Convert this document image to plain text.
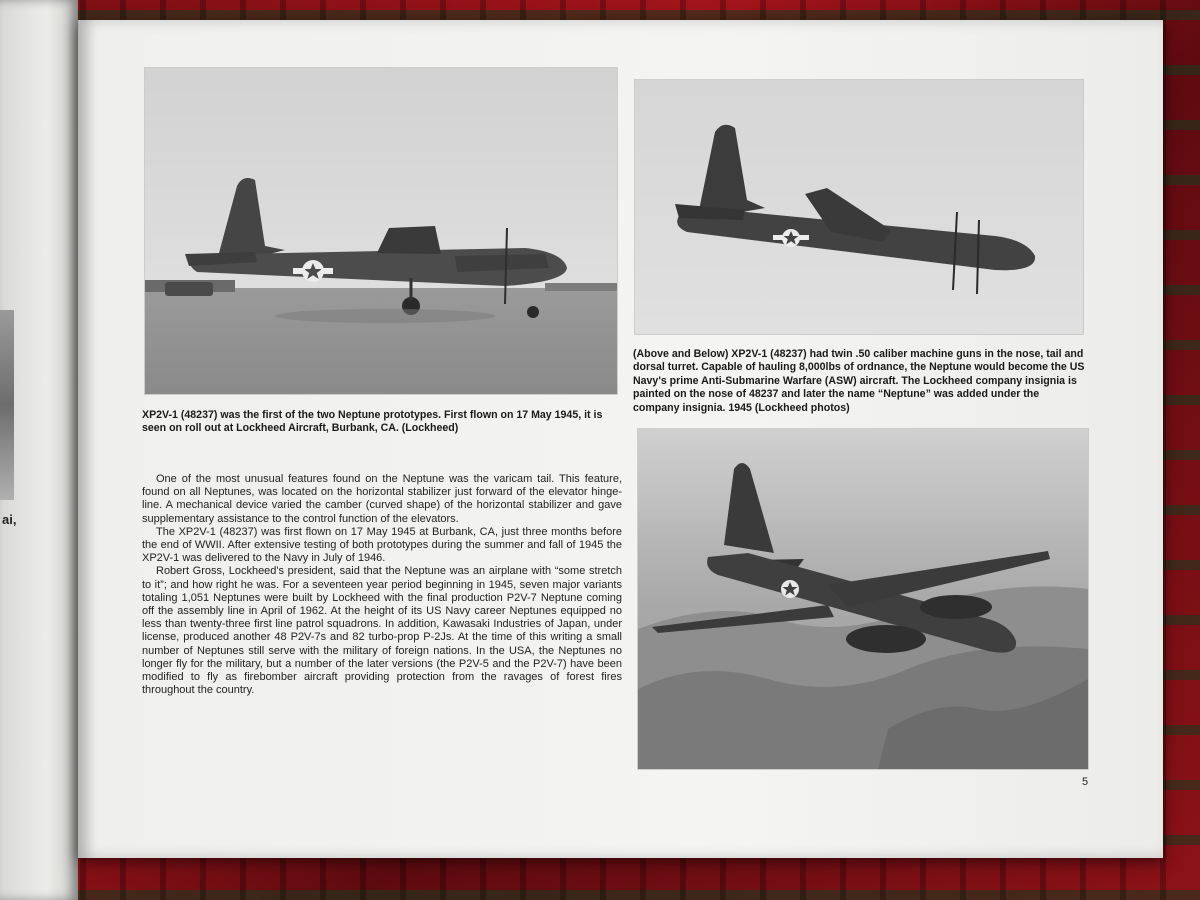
ai,

(Above and Below) XP2V-1 (48237) had twin .50 caliber machine guns in the nose, tail and dorsal turret. Capable of hauling 8,000lbs of ordnance, the Neptune would become the US Navy's prime Anti-Submarine Warfare (ASW) aircraft. The Lockheed company insignia is painted on the nose of 48237 and later the name “Neptune” was added under the company insignia. 1945 (Lockheed photos)

XP2V-1 (48237) was the first of the two Neptune prototypes. First flown on 17 May 1945, it is seen on roll out at Lockheed Aircraft, Burbank, CA. (Lockheed)

One of the most unusual features found on the Neptune was the varicam tail. This feature, found on all Neptunes, was located on the horizontal stabilizer just forward of the elevator hinge-line. A mechanical device varied the camber (curved shape) of the horizontal stabilizer and gave supplementary assistance to the control function of the elevators.

The XP2V-1 (48237) was first flown on 17 May 1945 at Burbank, CA, just three months before the end of WWII. After extensive testing of both prototypes during the summer and fall of 1945 the XP2V-1 was delivered to the Navy in July of 1946.

Robert Gross, Lockheed's president, said that the Neptune was an airplane with “some stretch to it”; and how right he was. For a seventeen year period beginning in 1945, seven major variants totaling 1,051 Neptunes were built by Lockheed with the final production P2V-7 Neptune coming off the assembly line in April of 1962. At the height of its US Navy career Neptunes equipped no less than twenty-three first line patrol squadrons. In addition, Kawasaki Industries of Japan, under license, produced another 48 P2V-7s and 82 turbo-prop P-2Js. At the time of this writing a small number of Neptunes still serve with the military of foreign nations. In the USA, the Neptunes no longer fly for the military, but a number of the later versions (the P2V-5 and the P2V-7) have been modified to fly as firebomber aircraft providing protection from the ravages of forest fires throughout the country.

5
